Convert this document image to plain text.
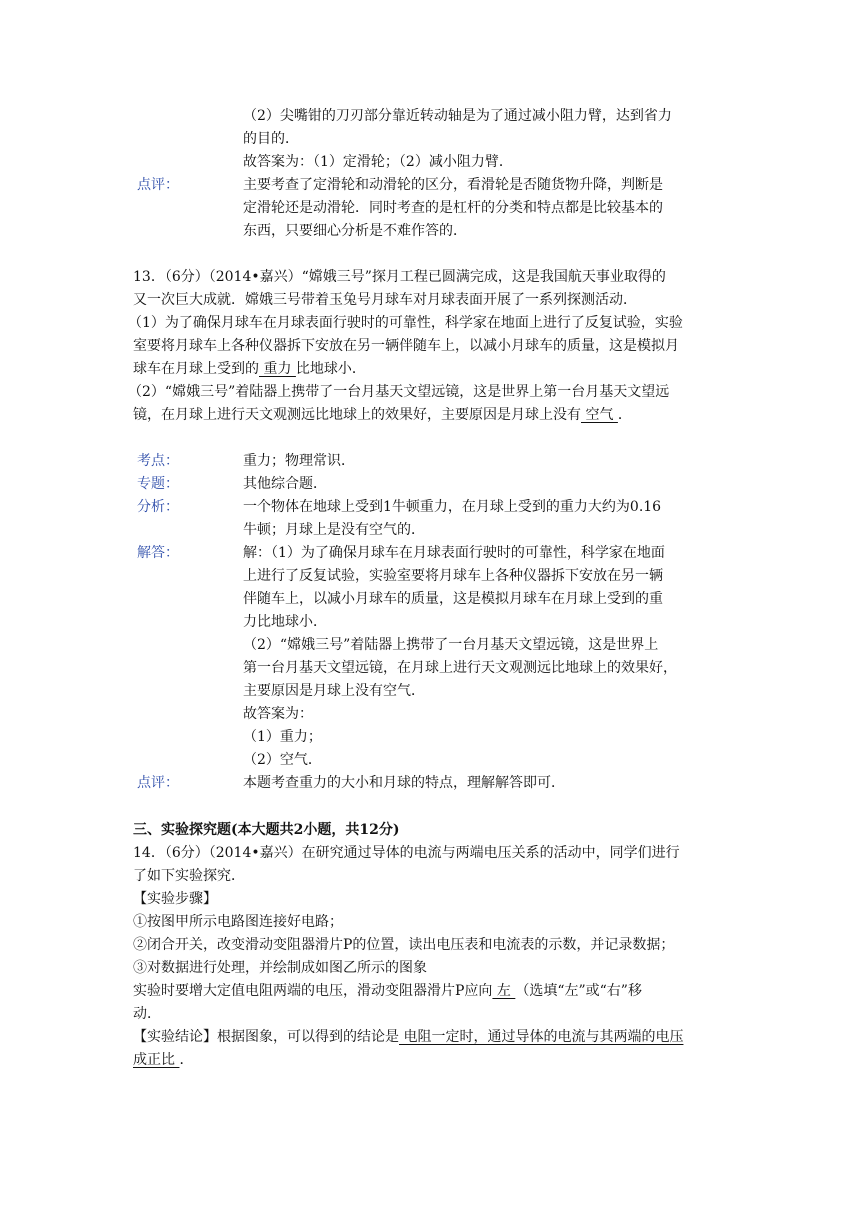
（2）尖嘴钳的刀刃部分靠近转动轴是为了通过减小阻力臂，达到省力
的目的．
故答案为：（1）定滑轮；（2）减小阻力臂．
点评：	主要考查了定滑轮和动滑轮的区分，看滑轮是否随货物升降，判断是
定滑轮还是动滑轮．同时考查的是杠杆的分类和特点都是比较基本的
东西，只要细心分析是不难作答的．
13．（6分）（2014•嘉兴）“嫦娥三号”探月工程已圆满完成，这是我国航天事业取得的
又一次巨大成就．嫦娥三号带着玉兔号月球车对月球表面开展了一系列探测活动．
（1）为了确保月球车在月球表面行驶时的可靠性，科学家在地面上进行了反复试验，实验
室要将月球车上各种仪器拆下安放在另一辆伴随车上，以减小月球车的质量，这是模拟月
球车在月球上受到的 重力 比地球小．
（2）“嫦娥三号”着陆器上携带了一台月基天文望远镜，这是世界上第一台月基天文望远
镜，在月球上进行天文观测远比地球上的效果好，主要原因是月球上没有 空气 ．
考点：	重力；物理常识．
专题：	其他综合题．
分析：	一个物体在地球上受到1牛顿重力，在月球上受到的重力大约为0.16
牛顿；月球上是没有空气的．
解答：	解：（1）为了确保月球车在月球表面行驶时的可靠性，科学家在地面
上进行了反复试验，实验室要将月球车上各种仪器拆下安放在另一辆
伴随车上，以减小月球车的质量，这是模拟月球车在月球上受到的重
力比地球小．
（2）“嫦娥三号”着陆器上携带了一台月基天文望远镜，这是世界上
第一台月基天文望远镜，在月球上进行天文观测远比地球上的效果好，
主要原因是月球上没有空气．
故答案为：
（1）重力；
（2）空气．
点评：	本题考查重力的大小和月球的特点，理解解答即可．
三、实验探究题(本大题共2小题，共12分)
14．（6分）（2014•嘉兴）在研究通过导体的电流与两端电压关系的活动中，同学们进行
了如下实验探究．
【实验步骤】
①按图甲所示电路图连接好电路；
②闭合开关，改变滑动变阻器滑片P的位置，读出电压表和电流表的示数，并记录数据；
③对数据进行处理，并绘制成如图乙所示的图象
实验时要增大定值电阻两端的电压，滑动变阻器滑片P应向 左 （选填“左”或“右”移
动．
【实验结论】根据图象，可以得到的结论是 电阻一定时，通过导体的电流与其两端的电压
成正比 ．
